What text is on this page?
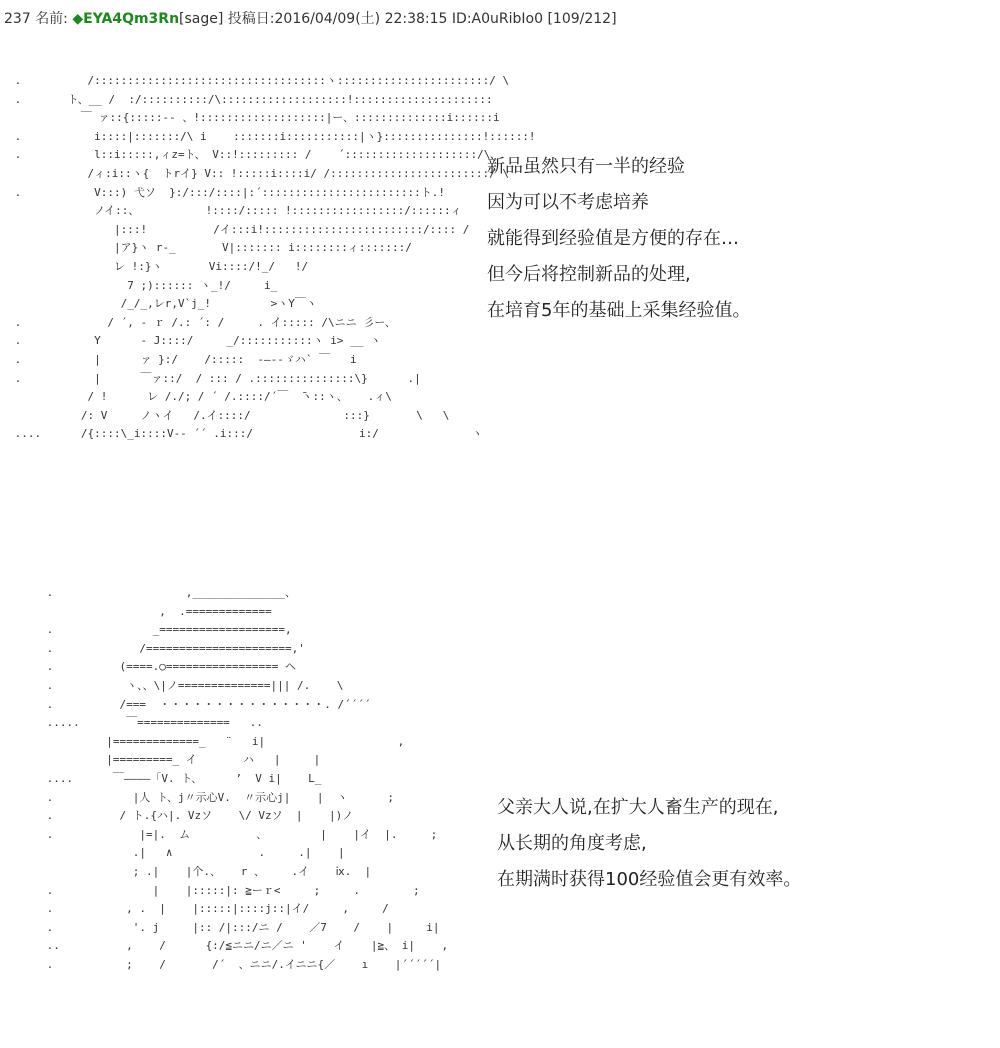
237 名前: ◆EYA4Qm3Rn[sage] 投稿日:2016/04/09(土) 22:38:15 ID:A0uRibIo0 [109/212]
.          /:::::::::::::::::::::::::::::::::::ヽ:::::::::::::::::::::::/ \
.       ト、__ /  :/::::::::::/\:::::::::::::::::::!:::::::::::::::::::::
￣ ァ::{:::::-‐ 、!:::::::::::::::::::|ー、::::::::::::::i::::::i
.           i::::|:::::::/\ i    :::::::i:::::::::::|ヽ}:::::::::::::::!::::::!
.           l::i:::::,ィz=ト、 V::!::::::::: /    ´::::::::::::::::::::/\
/ィ:i::ヽ{  トrイ} V:: !:::::i::::i/ /::::::::::::::::::::::::/ \
.           V:::) 弋ソ  }:/:::/::::|:´::::::::::::::::::::::::ト.!
ノイ::、          !::::/::::: !:::::::::::::::::/::::::ィ
|:::!          /イ:::i!::::::::::::::::::::::::/:::: /
|ア}ヽ r-_       V|::::::: i::::::::ィ:::::::/
レ !:}ヽ       Vi::::/!_/   !/
7 ;):::::: ヽ_!/     i_
/_/_,レr,V`j_!         >ヽY￣ヽ
.             / ´, - ｒ /.: ´: /     . イ::::: /\ニニ 彡ー、
.           Y      - J::::/     _/:::::::::::ヽ i> __ ヽ
.           |      ァ }:/    /:::::  -―‐-ゞハ` ￣   i
.           |      ￣ァ::/  / ::: / .:::::::::::::::\}      .|
/ !      レ /./; / ´ /.::::/´￣  ̄ヽ::ヽ、   .ィ\
/: V     ノヽイ   /.イ::::/              :::}       \   \
....      /{::::\_i::::V-‐ ´´ .i:::/                i:/              ヽ
新品虽然只有一半的经验
因为可以不考虑培养
就能得到经验值是方便的存在…
但今后将控制新品的处理,
在培育5年的基础上采集经验值。
.                    ,______________、
,  .=============
.               _===================,
.             /======================,'
.          (====.○================= ヘ
.           ヽ、、\|ノ==============||| /.    \
.          /===  ・・・・・・・・・・・・・・・. /´´´´
.....       ￣==============   ..
|=============_   ¨   i|                    ,
|=========_ イ       ハ   |     |
....      ￣――――「V. ト、     ’  V i|    L_
.            |人 ト、j〃示心V.  〃示心j|    |  ヽ      ;
.          / ト.{ハ|. Vzソ    \/ Vzソ  |    |)ノ
.             |=|.  ム          、        |    |イ  |.     ;
.|   ∧             .     .|    |
; .|    |个.、   r 、    .イ    ⅸ.  |
.               |    |:::::|: ≧ーｒ<     ;     .        ;
.           , .  |    |:::::|::::j::|イ/     ,     /
.            '. j     |:: /|:::/ニ /    ／7    /    |     i|
..          ,    /      {:/≦ニニ/ニ／ニ '    イ    |≧、 i|    ,
.           ;    /       /´  、ニニ/.イニニ{／    ı    |´´´´´|
父亲大人说,在扩大人畜生产的现在,
从长期的角度考虑,
在期满时获得100经验值会更有效率。
